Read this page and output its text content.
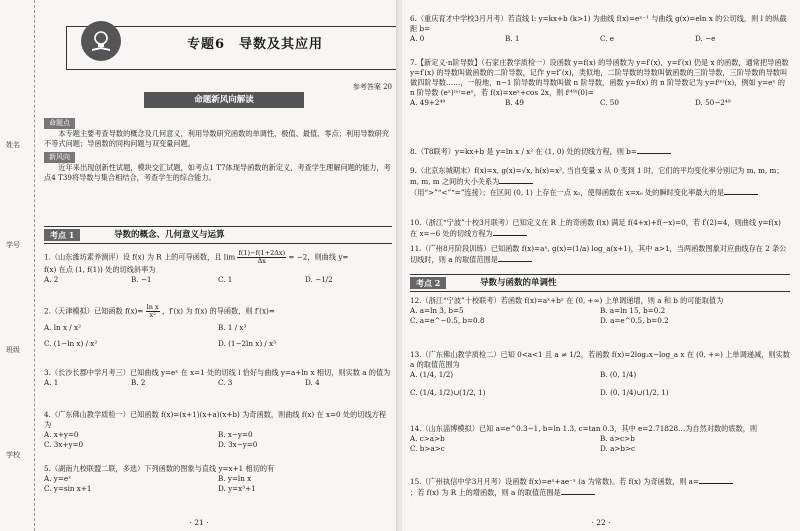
姓名
学号
班级
学校
专题6　导数及其应用
参考答案 20
命题新风向解读
命题点
本专题主要考查导数的概念及几何意义，利用导数研究函数的单调性、极值、最值、零点；利用导数研究不等式问题；导函数的同构问题与双变量问题。
新风向
近年来出现创新性试题，模块交汇试题，如考点1 T7体现导函数的新定义，考查学生理解问题的能力，考点4 T39将导数与集合相结合，考查学生的综合能力。
考点 1	导数的概念、几何意义与运算
1.（山东潍坊素养测评）设 f(x) 为 R 上的可导函数，且 $\lim \frac{f(1)-f(1+2\Delta x)}{\Delta x} = -2$，则曲线 y=
f(x) 在点 (1, f(1)) 处的切线斜率为
A. 2	B. −1	C. 1	D. −1/2
2.（天津模拟）已知函数 $f(x)= \frac{\text{ln x}}{\text{x²}}$ ，f′(x) 为 f(x) 的导函数，则 f′(x)=
A. ln x / x²	B. 1 / x³
C. (1−ln x) / x²	D. (1−2ln x) / x³
3.（长沙长郡中学月考三）已知曲线 y=eˣ 在 x=1 处的切线 l 恰好与曲线 y=a+ln x 相切，则实数 a 的值为
A. 1	B. 2	C. 3	D. 4
4.（广东佛山教学质检一）已知函数 f(x)=(x+1)(x+a)(x+b) 为奇函数，则曲线 f(x) 在 x=0 处的切线方程为
A. x+y=0	B. x−y=0
C. 3x+y=0	D. 3x−y=0
5.（湖南九校联盟二联，多选）下列函数的图象与直线 y=x+1 相切的有
A. y=eˣ	B. y=ln x
C. y=sin x+1	D. y=x³+1
· 21 ·
6.（重庆育才中学校3月月考）若直线 l: y=kx+b (k>1) 为曲线 f(x)=eˣ⁻¹ 与曲线 g(x)=eln x 的公切线，则 l 的纵截距 b=
A. 0	B. 1	C. e	D. −e
7.【新定义·n阶导数】（石家庄教学质检一）设函数 y=f(x) 的导函数为 y=f′(x)，y=f′(x) 仍是 x 的函数，通常把导函数 y=f′(x) 的导数叫做函数的二阶导数，记作 y=f″(x)，类似地，二阶导数的导数叫做函数的三阶导数，三阶导数的导数叫做四阶导数……，一般地，n−1 阶导数的导数叫做 n 阶导数，函数 y=f(x) 的 n 阶导数记为 y=f⁽ⁿ⁾(x)，例如 y=eˣ 的 n 阶导数 (eˣ)⁽ⁿ⁾=eˣ，若 f(x)=xeˣ+cos 2x，则 f⁽⁴⁹⁾(0)=
A. 49+2⁴⁹	B. 49	C. 50	D. 50−2⁴⁹
8.（T8联考）y=kx+b 是 y=ln x / x² 在 (1, 0) 处的切线方程，则 b=
9.（北京东城期末）f(x)=x, g(x)=√x, h(x)=x², 当自变量 x 从 0 变到 1 时，它们的平均变化率分别记为 m, m, m；m, m, m 之间的大小关系为
（用“>”“<”“=”连接）；在区间 (0, 1) 上存在一点 x₀，使得函数在 x=x₀ 处的瞬时变化率最大的是
10.（浙江“宁波”十校3月联考）已知定义在 R 上的奇函数 f(x) 满足 f(4+x)+f(−x)=0，若 f′(2)=4，则曲线 y=f(x) 在 x=−6 处的切线方程为
11.（广州8月阶段训练）已知函数 f(x)=aˣ, g(x)=(1/a) log_a(x+1)，其中 a>1，当两函数图象对应曲线存在 2 条公切线时，则 a 的取值范围是
考点 2	导数与函数的单调性
12.（浙江“宁波”十校联考）若函数 f(x)=aˣ+bˣ 在 (0, +∞) 上单调递增，则 a 和 b 的可能取值为
A. a=ln 3, b=5	B. a=ln 15, b=0.2
C. a=e^−0.5, b=0.8	D. a=e^0.5, b=0.2
13.（广东佛山教学质检二）已知 0<a<1 且 a ≠ 1/2，若函数 f(x)=2log₂x−log_a x 在 (0, +∞) 上单调递减，则实数 a 的取值范围为
A. (1/4, 1/2)	B. (0, 1/4)
C. (1/4, 1/2)∪(1/2, 1)	D. (0, 1/4)∪(1/2, 1)
14.（山东淄博模拟）已知 a=e^0.3−1, b=ln 1.3, c=tan 0.3，其中 e=2.71828…为自然对数的底数，则
A. c>a>b	B. a>c>b
C. b>a>c	D. a>b>c
15.（广州执信中学3月月考）设函数 f(x)=eˣ+ae⁻ˣ (a 为常数)。若 f(x) 为奇函数，则 a=
；若 f(x) 为 R 上的增函数，则 a 的取值范围是
· 22 ·
